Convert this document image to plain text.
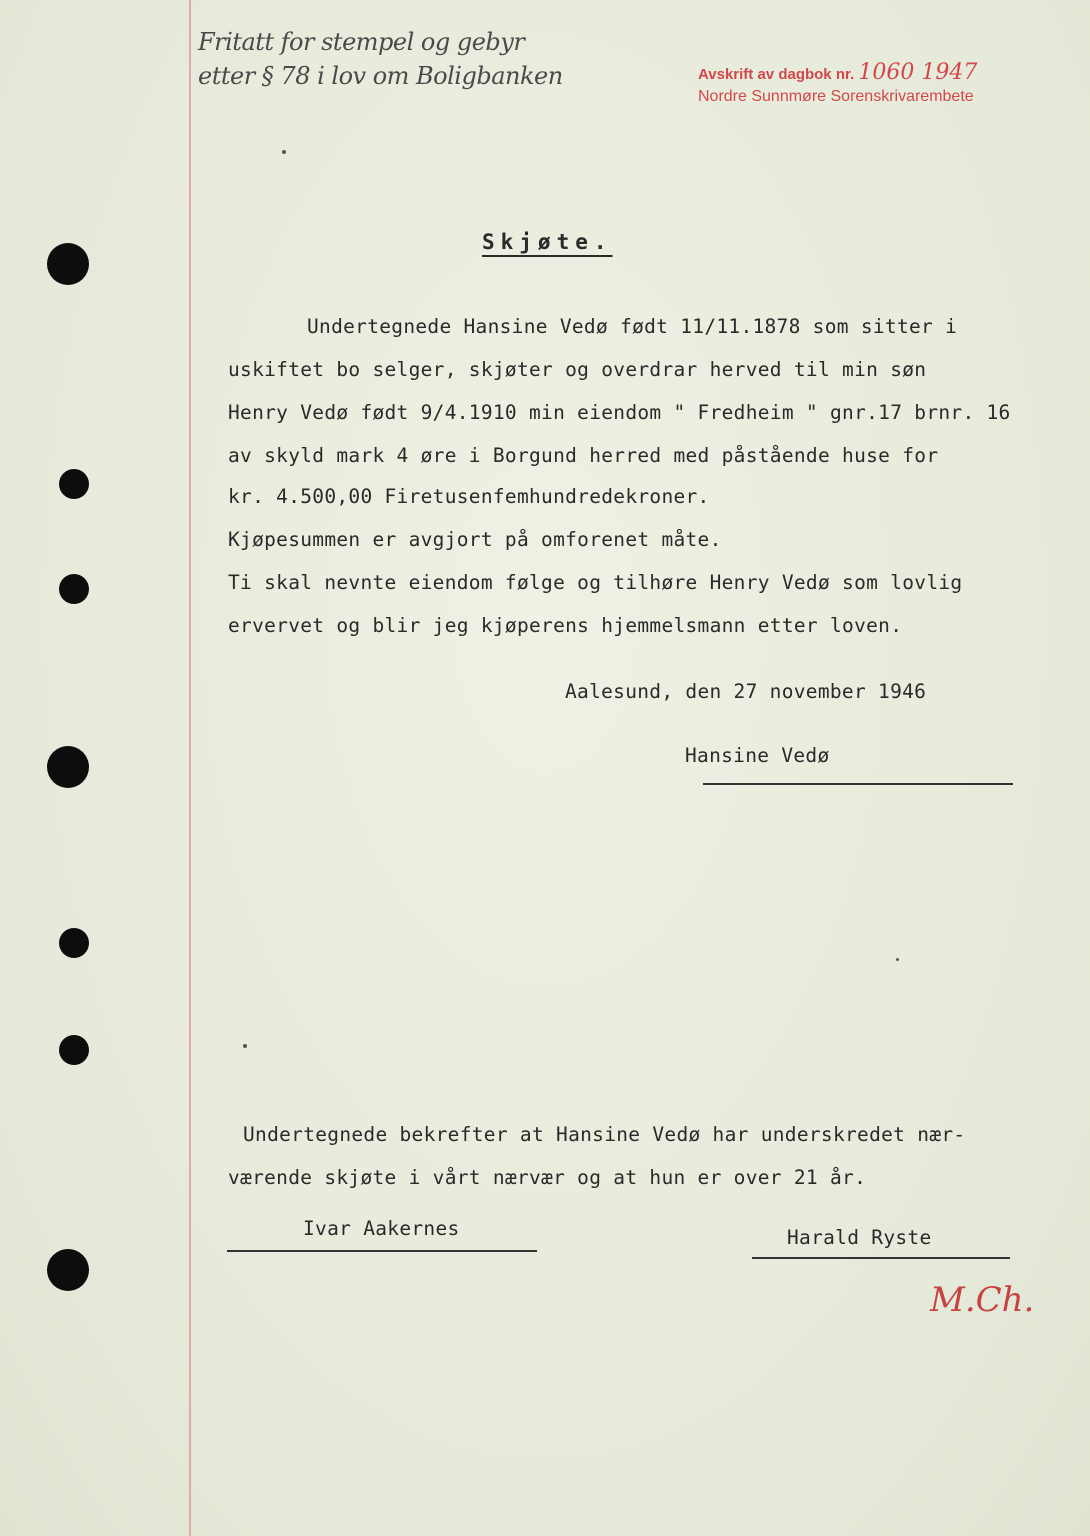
Fritatt for stempel og gebyr
etter § 78 i lov om Boligbanken	Avskrift av dagbok nr. 1060 1947
Nordre Sunnmøre Sorenskrivarembete
Skjøte.
Undertegnede Hansine Vedø født 11/11.1878 som sitter i
uskiftet bo selger, skjøter og overdrar herved til min søn
Henry Vedø født 9/4.1910 min eiendom " Fredheim " gnr.17 brnr. 16
av skyld mark 4 øre i Borgund herred med påstående huse for
kr. 4.500,00 Firetusenfemhundredekroner.
Kjøpesummen er avgjort på omforenet måte.
Ti skal nevnte eiendom følge og tilhøre Henry Vedø som lovlig
ervervet og blir jeg kjøperens hjemmelsmann etter loven.
Aalesund, den 27 november 1946
Hansine Vedø
Undertegnede bekrefter at Hansine Vedø har underskredet nær-
værende skjøte i vårt nærvær og at hun er over 21 år.
Ivar Aakernes	Harald Ryste
M.Ch.
